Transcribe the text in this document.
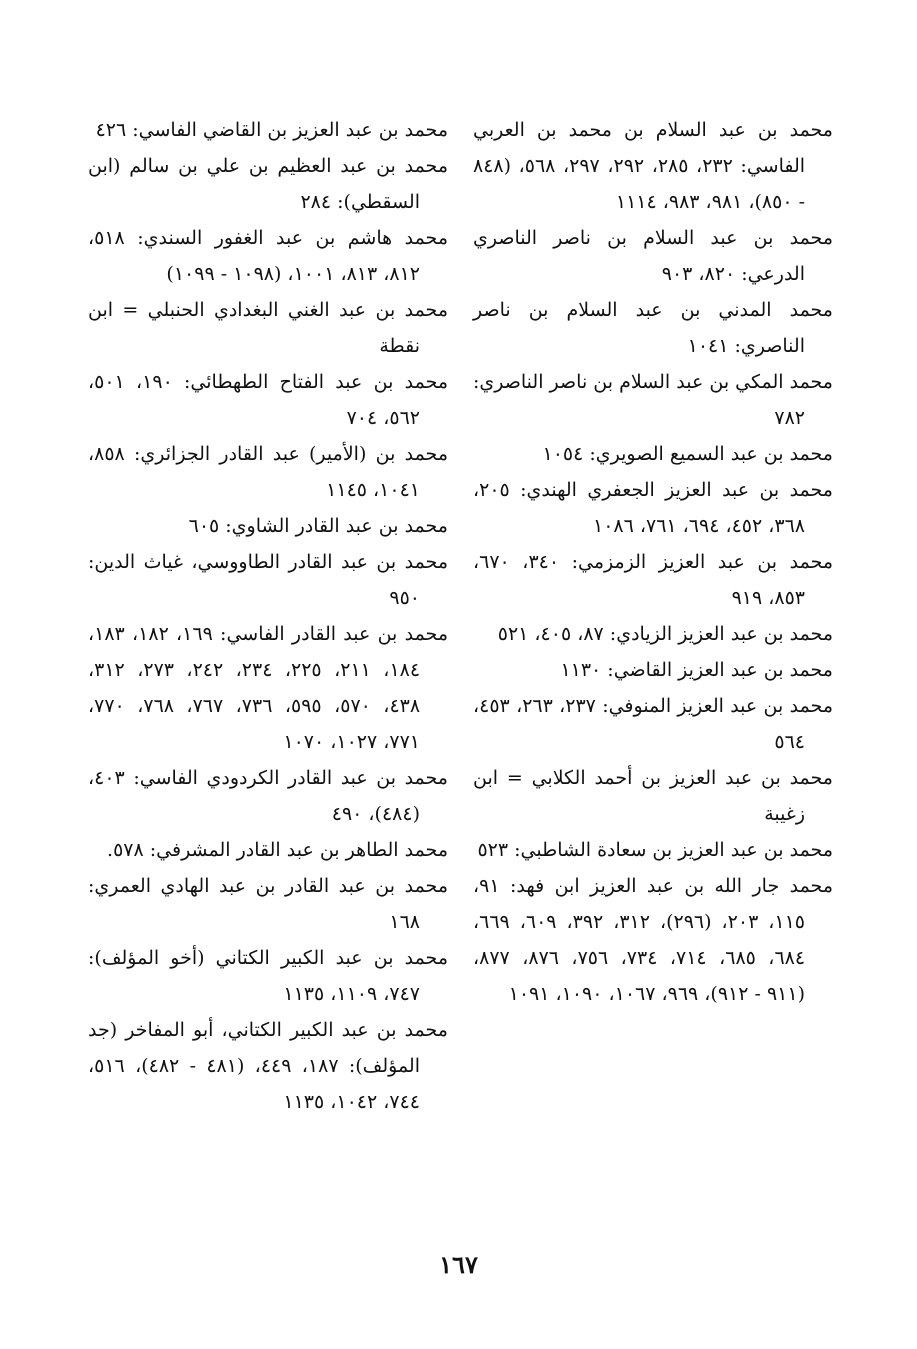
محمد بن عبد السلام بن محمد بن العربي الفاسي: ٢٣٢، ٢٨٥، ٢٩٢، ٢٩٧، ٥٦٨، (٨٤٨ - ٨٥٠)، ٩٨١، ٩٨٣، ١١١٤
محمد بن عبد السلام بن ناصر الناصري الدرعي: ٨٢٠، ٩٠٣
محمد المدني بن عبد السلام بن ناصر الناصري: ١٠٤١
محمد المكي بن عبد السلام بن ناصر الناصري: ٧٨٢
محمد بن عبد السميع الصويري: ١٠٥٤
محمد بن عبد العزيز الجعفري الهندي: ٢٠٥، ٣٦٨، ٤٥٢، ٦٩٤، ٧٦١، ١٠٨٦
محمد بن عبد العزيز الزمزمي: ٣٤٠، ٦٧٠، ٨٥٣، ٩١٩
محمد بن عبد العزيز الزيادي: ٨٧، ٤٠٥، ٥٢١
محمد بن عبد العزيز القاضي: ١١٣٠
محمد بن عبد العزيز المنوفي: ٢٣٧، ٢٦٣، ٤٥٣، ٥٦٤
محمد بن عبد العزيز بن أحمد الكلابي = ابن زغيبة
محمد بن عبد العزيز بن سعادة الشاطبي: ٥٢٣
محمد جار الله بن عبد العزيز ابن فهد: ٩١، ١١٥، ٢٠٣، (٢٩٦)، ٣١٢، ٣٩٢، ٦٠٩، ٦٦٩، ٦٨٤، ٦٨٥، ٧١٤، ٧٣٤، ٧٥٦، ٨٧٦، ٨٧٧، (٩١١ - ٩١٢)، ٩٦٩، ١٠٦٧، ١٠٩٠، ١٠٩١
محمد بن عبد العزيز بن القاضي الفاسي: ٤٢٦
محمد بن عبد العظيم بن علي بن سالم (ابن السقطي): ٢٨٤
محمد هاشم بن عبد الغفور السندي: ٥١٨، ٨١٢، ٨١٣، ١٠٠١، (١٠٩٨ - ١٠٩٩)
محمد بن عبد الغني البغدادي الحنبلي = ابن نقطة
محمد بن عبد الفتاح الطهطائي: ١٩٠، ٥٠١، ٥٦٢، ٧٠٤
محمد بن (الأمير) عبد القادر الجزائري: ٨٥٨، ١٠٤١، ١١٤٥
محمد بن عبد القادر الشاوي: ٦٠٥
محمد بن عبد القادر الطاووسي، غياث الدين: ٩٥٠
محمد بن عبد القادر الفاسي: ١٦٩، ١٨٢، ١٨٣، ١٨٤، ٢١١، ٢٢٥، ٢٣٤، ٢٤٢، ٢٧٣، ٣١٢، ٤٣٨، ٥٧٠، ٥٩٥، ٧٣٦، ٧٦٧، ٧٦٨، ٧٧٠، ٧٧١، ١٠٢٧، ١٠٧٠
محمد بن عبد القادر الكردودي الفاسي: ٤٠٣، (٤٨٤)، ٤٩٠
محمد الطاهر بن عبد القادر المشرفي: ٥٧٨.
محمد بن عبد القادر بن عبد الهادي العمري: ١٦٨
محمد بن عبد الكبير الكتاني (أخو المؤلف): ٧٤٧، ١١٠٩، ١١٣٥
محمد بن عبد الكبير الكتاني، أبو المفاخر (جد المؤلف): ١٨٧، ٤٤٩، (٤٨١ - ٤٨٢)، ٥١٦، ٧٤٤، ١٠٤٢، ١١٣٥
١٦٧
